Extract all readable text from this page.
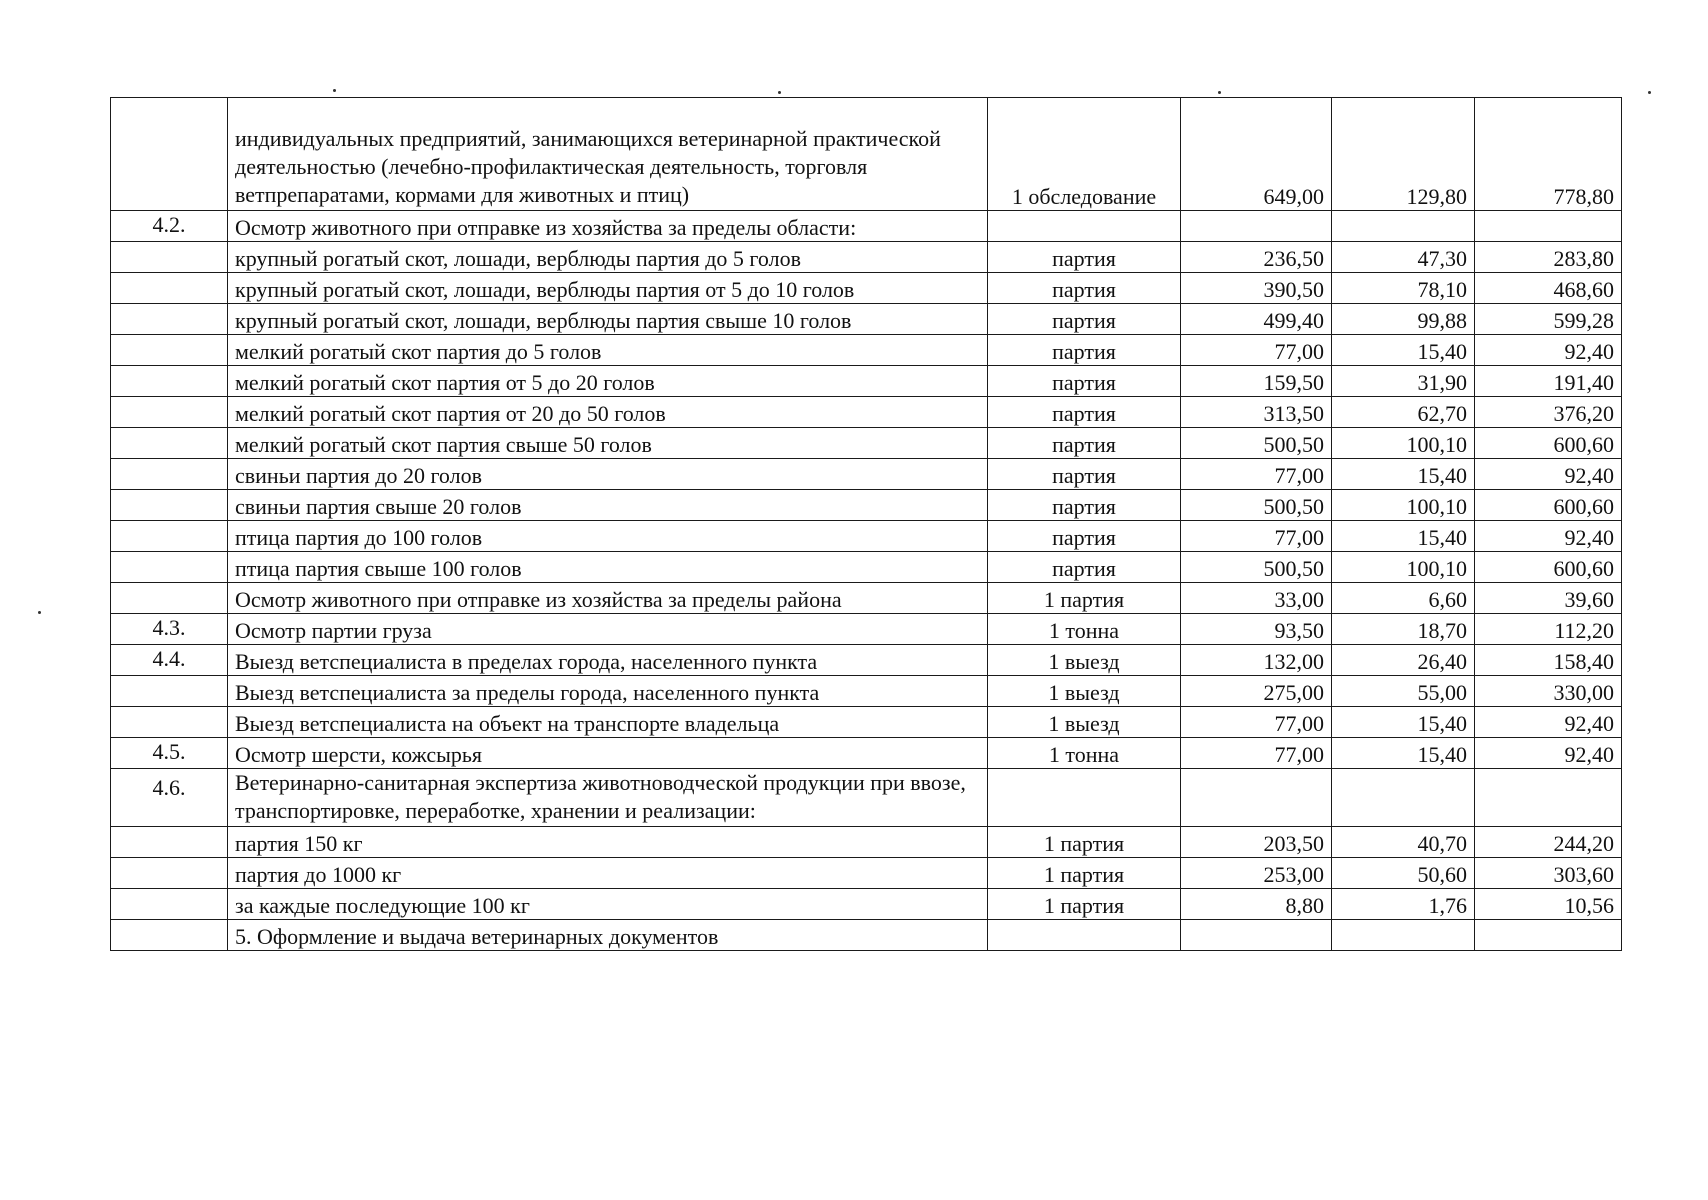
	индивидуальных предприятий, занимающихся ветеринарной практической деятельностью (лечебно-профилактическая деятельность, торговля ветпрепаратами, кормами для животных и птиц)	1 обследование	649,00	129,80	778,80
4.2.	Осмотр животного при отправке из хозяйства за пределы области:				
	крупный рогатый скот, лошади, верблюды партия до 5 голов	партия	236,50	47,30	283,80
	крупный рогатый скот, лошади, верблюды партия от 5 до 10 голов	партия	390,50	78,10	468,60
	крупный рогатый скот, лошади, верблюды партия свыше 10 голов	партия	499,40	99,88	599,28
	мелкий рогатый скот партия до 5 голов	партия	77,00	15,40	92,40
	мелкий рогатый скот партия от 5 до 20 голов	партия	159,50	31,90	191,40
	мелкий рогатый скот партия от 20 до 50 голов	партия	313,50	62,70	376,20
	мелкий рогатый скот партия свыше 50 голов	партия	500,50	100,10	600,60
	свиньи партия до 20 голов	партия	77,00	15,40	92,40
	свиньи партия свыше 20 голов	партия	500,50	100,10	600,60
	птица партия до 100 голов	партия	77,00	15,40	92,40
	птица партия свыше 100 голов	партия	500,50	100,10	600,60
	Осмотр животного при отправке из хозяйства за пределы района	1 партия	33,00	6,60	39,60
4.3.	Осмотр партии груза	1 тонна	93,50	18,70	112,20
4.4.	Выезд ветспециалиста в пределах города, населенного пункта	1 выезд	132,00	26,40	158,40
	Выезд ветспециалиста за пределы города, населенного пункта	1 выезд	275,00	55,00	330,00
	Выезд ветспециалиста на объект на транспорте владельца	1 выезд	77,00	15,40	92,40
4.5.	Осмотр шерсти, кожсырья	1 тонна	77,00	15,40	92,40
4.6.	Ветеринарно-санитарная экспертиза животноводческой продукции при ввозе, транспортировке, переработке, хранении и реализации:				
	партия 150 кг	1 партия	203,50	40,70	244,20
	партия до 1000 кг	1 партия	253,00	50,60	303,60
	за каждые последующие 100 кг	1 партия	8,80	1,76	10,56
	5. Оформление и выдача ветеринарных документов				
